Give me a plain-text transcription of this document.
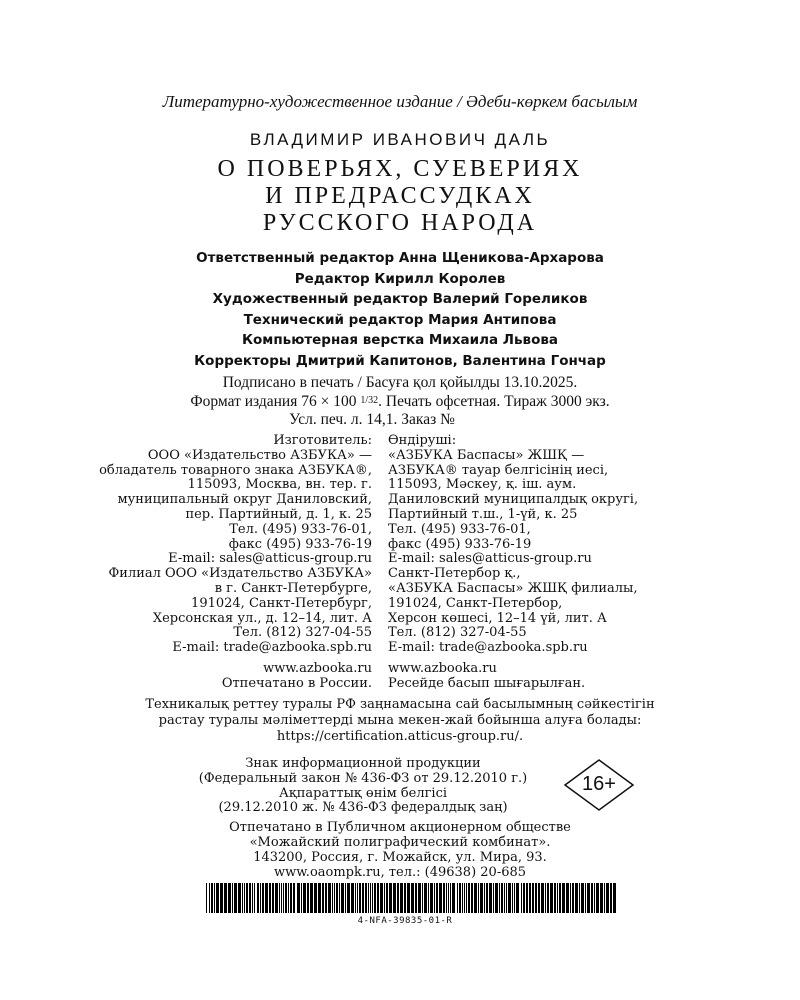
Литературно-художественное издание / Әдеби-көркем басылым
ВЛАДИМИР ИВАНОВИЧ ДАЛЬ
О ПОВЕРЬЯХ, СУЕВЕРИЯХ
И ПРЕДРАССУДКАХ
РУССКОГО НАРОДА
Ответственный редактор Анна Щеникова-Архарова
Редактор Кирилл Королев
Художественный редактор Валерий Гореликов
Технический редактор Мария Антипова
Компьютерная верстка Михаила Львова
Корректоры Дмитрий Капитонов, Валентина Гончар
Подписано в печать / Басуға қол қойылды 13.10.2025.
Формат издания 76 × 100 1/32. Печать офсетная. Тираж 3000 экз.
Усл. печ. л. 14,1. Заказ №
Изготовитель:
ООО «Издательство АЗБУКА» —
обладатель товарного знака АЗБУКА®,
115093, Москва, вн. тер. г.
муниципальный округ Даниловский,
пер. Партийный, д. 1, к. 25
Тел. (495) 933-76-01,
факс (495) 933-76-19
E-mail: sales@atticus-group.ru
Филиал ООО «Издательство АЗБУКА»
в г. Санкт-Петербурге,
191024, Санкт-Петербург,
Херсонская ул., д. 12–14, лит. А
Тел. (812) 327-04-55
E-mail: trade@azbooka.spb.ru
www.azbooka.ru
Отпечатано в России.
Өндіруші:
«АЗБУКА Баспасы» ЖШҚ —
АЗБУКА® тауар белгісінің иесі,
115093, Мәскеу, қ. іш. аум.
Даниловский муниципалдық округі,
Партийный т.ш., 1-үй, к. 25
Тел. (495) 933-76-01,
факс (495) 933-76-19
E-mail: sales@atticus-group.ru
Санкт-Петербор қ.,
«АЗБУКА Баспасы» ЖШҚ филиалы,
191024, Санкт-Петербор,
Херсон көшесі, 12–14 үй, лит. А
Тел. (812) 327-04-55
E-mail: trade@azbooka.spb.ru
www.azbooka.ru
Ресейде басып шығарылған.
Техникалық реттеу туралы РФ заңнамасына сай басылымның сәйкестігін
растау туралы мәліметтерді мына мекен-жай бойынша алуға болады:
https://certification.atticus-group.ru/.
Знак информационной продукции
(Федеральный закон № 436-ФЗ от 29.12.2010 г.)
Ақпараттық өнім белгісі
(29.12.2010 ж. № 436-ФЗ федералдық заң)
16+
Отпечатано в Публичном акционерном обществе
«Можайский полиграфический комбинат».
143200, Россия, г. Можайск, ул. Мира, 93.
www.oaompk.ru, тел.: (49638) 20-685
4-NFA-39835-01-R
